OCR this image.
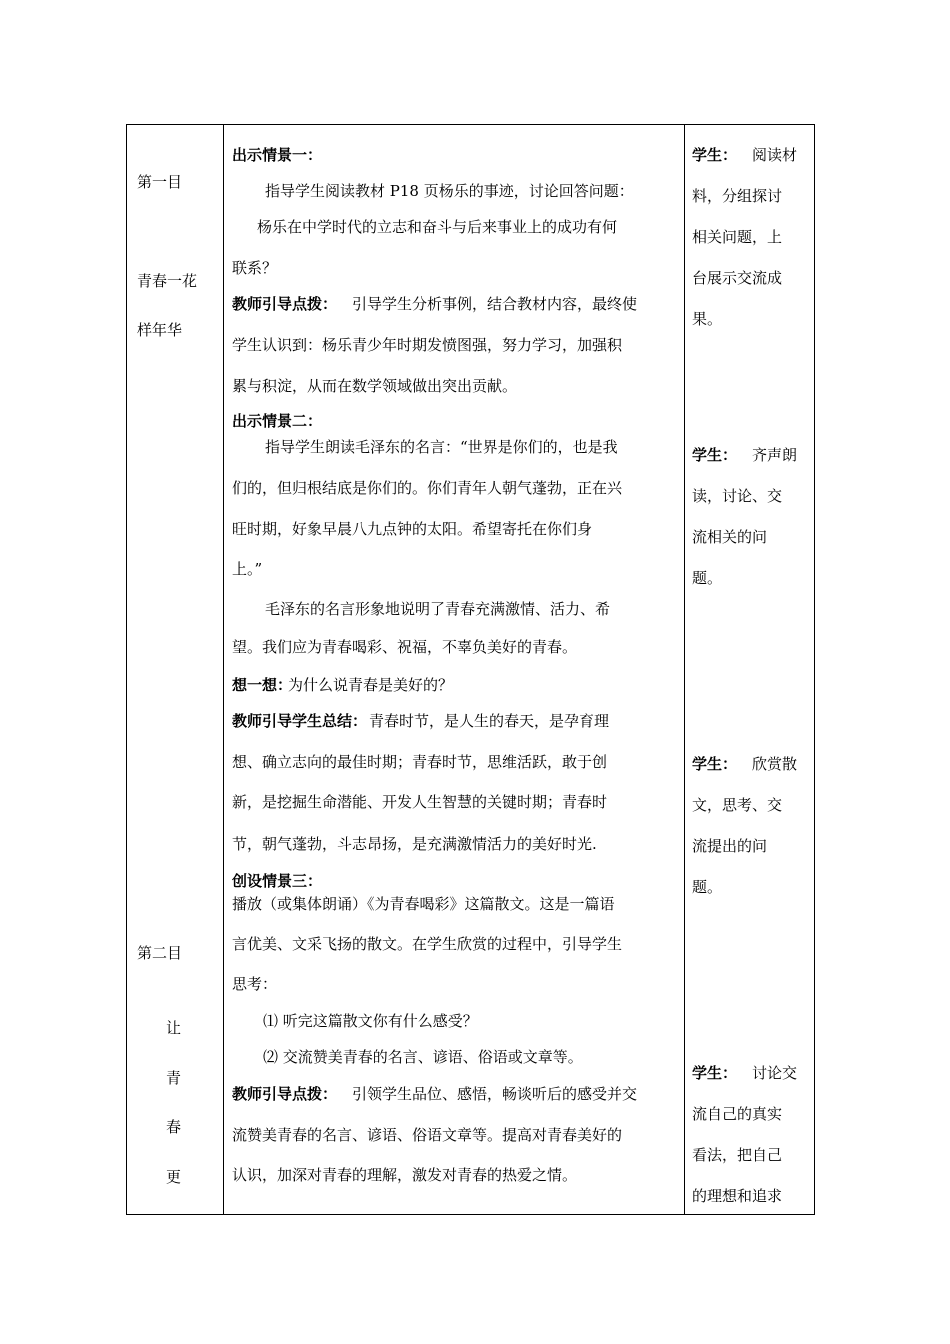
第一目
青春一花
样年华
第二目
让
青
春
更
出示情景一：
指导学生阅读教材 P18 页杨乐的事迹，讨论回答问题：
杨乐在中学时代的立志和奋斗与后来事业上的成功有何
联系？
教师引导点拨： 引导学生分析事例，结合教材内容，最终使
学生认识到：杨乐青少年时期发愤图强，努力学习，加强积
累与积淀，从而在数学领域做出突出贡献。
出示情景二：
指导学生朗读毛泽东的名言：“世界是你们的，也是我
们的，但归根结底是你们的。你们青年人朝气蓬勃，正在兴
旺时期，好象早晨八九点钟的太阳。希望寄托在你们身
上。”
毛泽东的名言形象地说明了青春充满激情、活力、希
望。我们应为青春喝彩、祝福，不辜负美好的青春。
想一想：
为什么说青春是美好的？
教师引导学生总结： 青春时节，是人生的春天，是孕育理
想、确立志向的最佳时期；青春时节，思维活跃，敢于创
新，是挖掘生命潜能、开发人生智慧的关键时期；青春时
节，朝气蓬勃，斗志昂扬，是充满激情活力的美好时光.
创设情景三：
播放（或集体朗诵）《为青春喝彩》这篇散文。这是一篇语
言优美、文采飞扬的散文。在学生欣赏的过程中，引导学生
思考：
⑴ 听完这篇散文你有什么感受？
⑵ 交流赞美青春的名言、谚语、俗语或文章等。
教师引导点拨： 引领学生品位、感悟，畅谈听后的感受并交
流赞美青春的名言、谚语、俗语文章等。提高对青春美好的
认识，加深对青春的理解，激发对青春的热爱之情。
学生： 阅读材
料，分组探讨
相关问题，上
台展示交流成
果。
学生： 齐声朗
读，讨论、交
流相关的问
题。
学生： 欣赏散
文，思考、交
流提出的问
题。
学生： 讨论交
流自己的真实
看法，把自己
的理想和追求
